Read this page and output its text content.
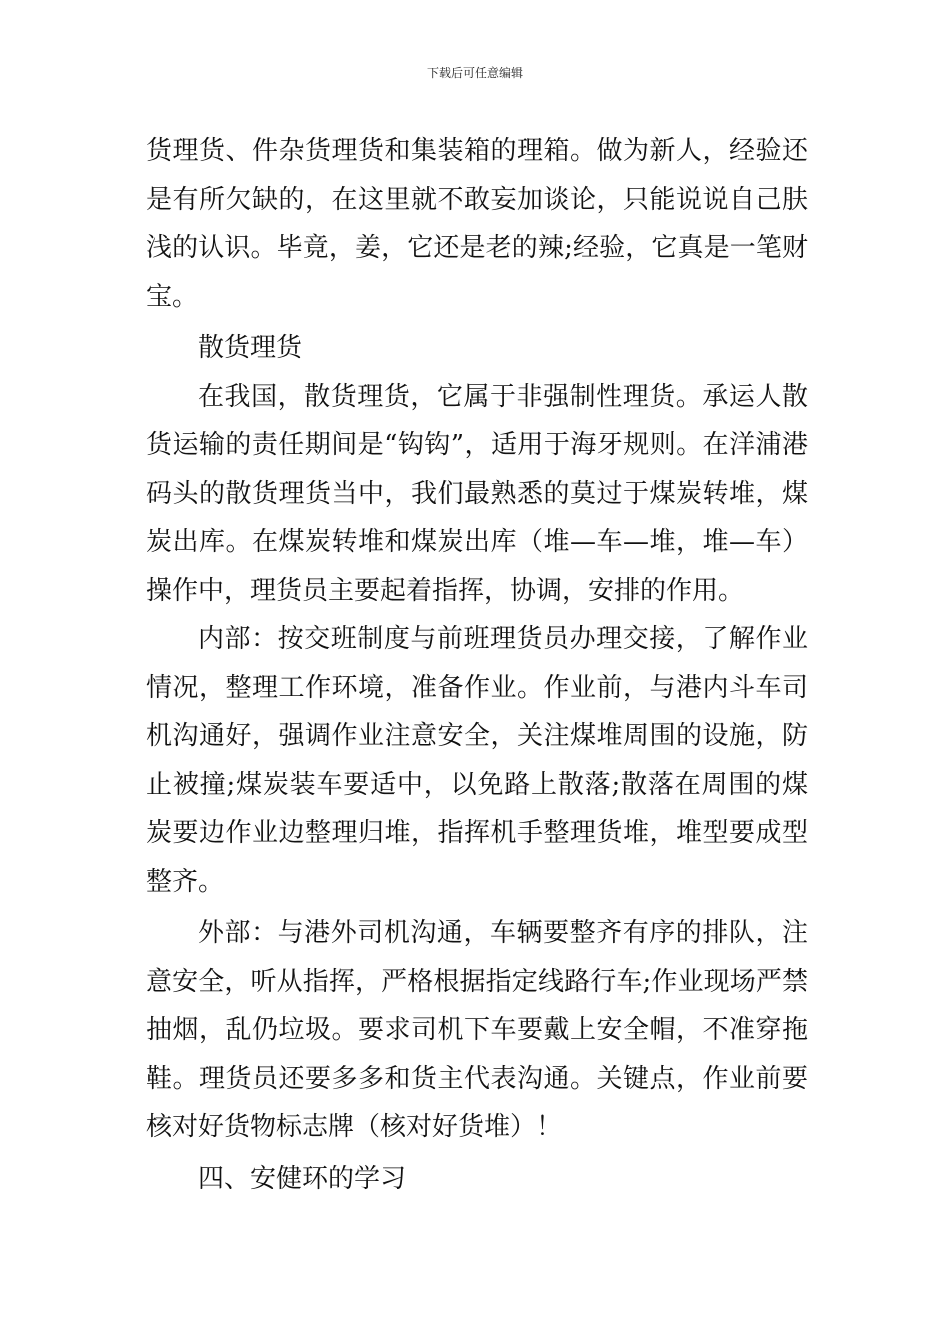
下载后可任意编辑

货理货、件杂货理货和集装箱的理箱。做为新人，经验还是有所欠缺的，在这里就不敢妄加谈论，只能说说自己肤浅的认识。毕竟，姜，它还是老的辣;经验，它真是一笔财宝。

散货理货

在我国，散货理货，它属于非强制性理货。承运人散货运输的责任期间是“钩钩”，适用于海牙规则。在洋浦港码头的散货理货当中，我们最熟悉的莫过于煤炭转堆，煤炭出库。在煤炭转堆和煤炭出库（堆—车—堆，堆—车）操作中，理货员主要起着指挥，协调，安排的作用。

内部：按交班制度与前班理货员办理交接，了解作业情况，整理工作环境，准备作业。作业前，与港内斗车司机沟通好，强调作业注意安全，关注煤堆周围的设施，防止被撞;煤炭装车要适中，以免路上散落;散落在周围的煤炭要边作业边整理归堆，指挥机手整理货堆，堆型要成型整齐。

外部：与港外司机沟通，车辆要整齐有序的排队，注意安全，听从指挥，严格根据指定线路行车;作业现场严禁抽烟，乱仍垃圾。要求司机下车要戴上安全帽，不准穿拖鞋。理货员还要多多和货主代表沟通。关键点，作业前要核对好货物标志牌（核对好货堆）！

四、安健环的学习
